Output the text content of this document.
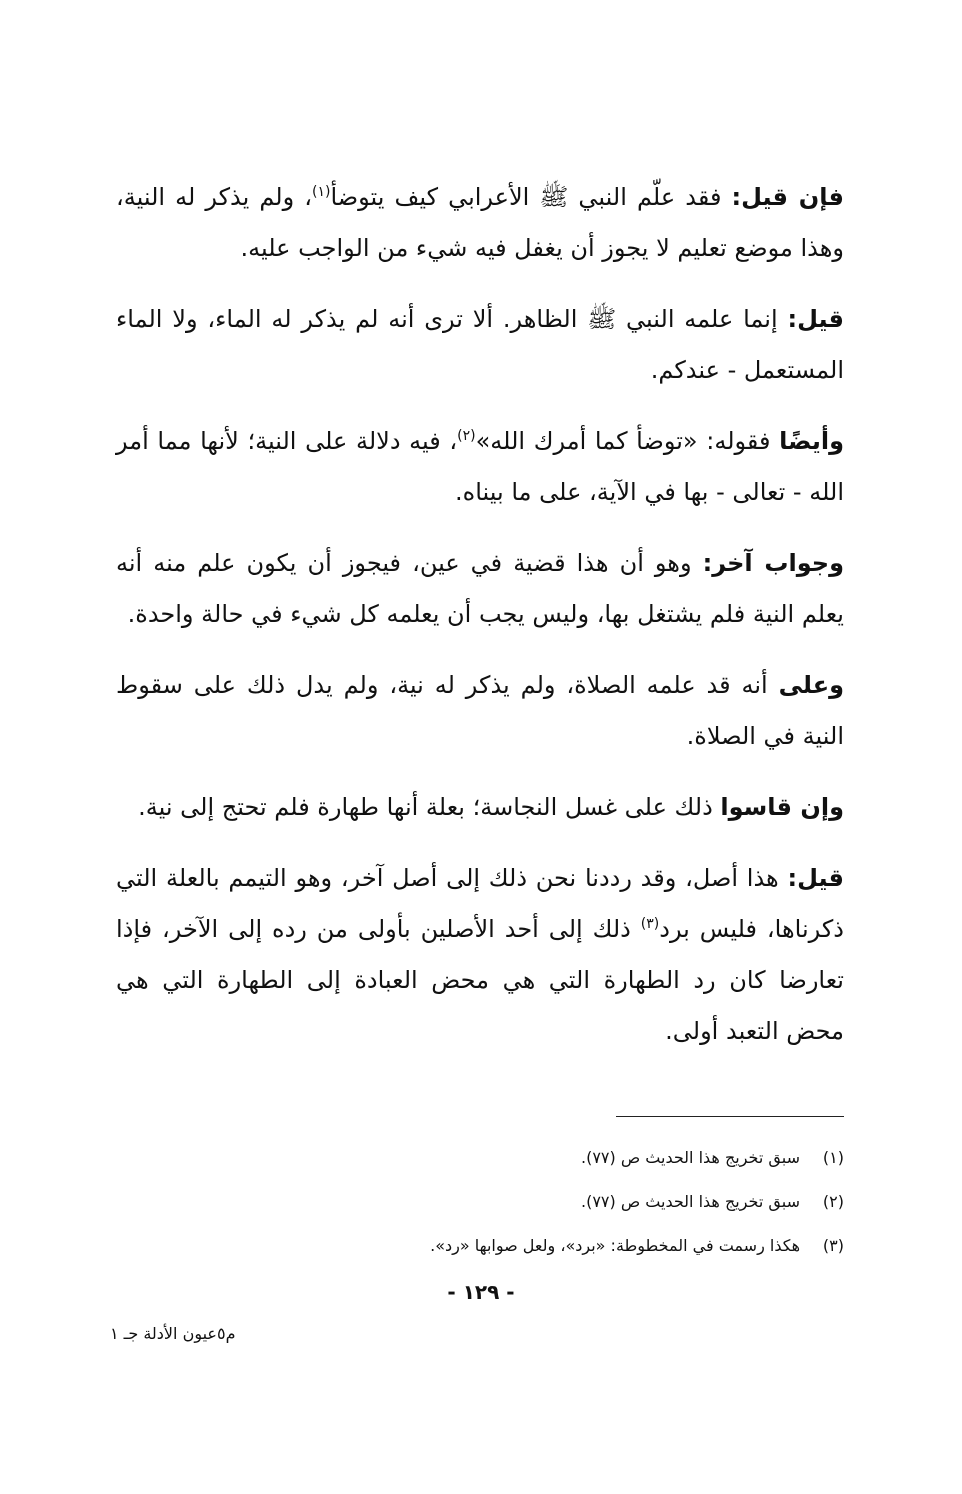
فإن قيل: فقد علّم النبي ﷺ الأعرابي كيف يتوضأ$^{(١)}$، ولم يذكر له النية، وهذا موضع تعليم لا يجوز أن يغفل فيه شيء من الواجب عليه.

قيل: إنما علمه النبي ﷺ الظاهر. ألا ترى أنه لم يذكر له الماء، ولا الماء المستعمل - عندكم.

وأيضًا فقوله: «توضأ كما أمرك الله»$^{(٢)}$، فيه دلالة على النية؛ لأنها مما أمر الله - تعالى - بها في الآية، على ما بيناه.

وجواب آخر: وهو أن هذا قضية في عين، فيجوز أن يكون علم منه أنه يعلم النية فلم يشتغل بها، وليس يجب أن يعلمه كل شيء في حالة واحدة.

وعلى أنه قد علمه الصلاة، ولم يذكر له نية، ولم يدل ذلك على سقوط النية في الصلاة.

وإن قاسوا ذلك على غسل النجاسة؛ بعلة أنها طهارة فلم تحتج إلى نية.

قيل: هذا أصل، وقد رددنا نحن ذلك إلى أصل آخر، وهو التيمم بالعلة التي ذكرناها، فليس برد$^{(٣)}$ ذلك إلى أحد الأصلين بأولى من رده إلى الآخر، فإذا تعارضا كان رد الطهارة التي هي محض العبادة إلى الطهارة التي هي محض التعبد أولى.

(١)
سبق تخريج هذا الحديث ص (٧٧).
(٢)
سبق تخريج هذا الحديث ص (٧٧).
(٣)
هكذا رسمت في المخطوطة: «برد»، ولعل صوابها «رد».
- ١٢٩ -
م٥عيون الأدلة جـ ١
